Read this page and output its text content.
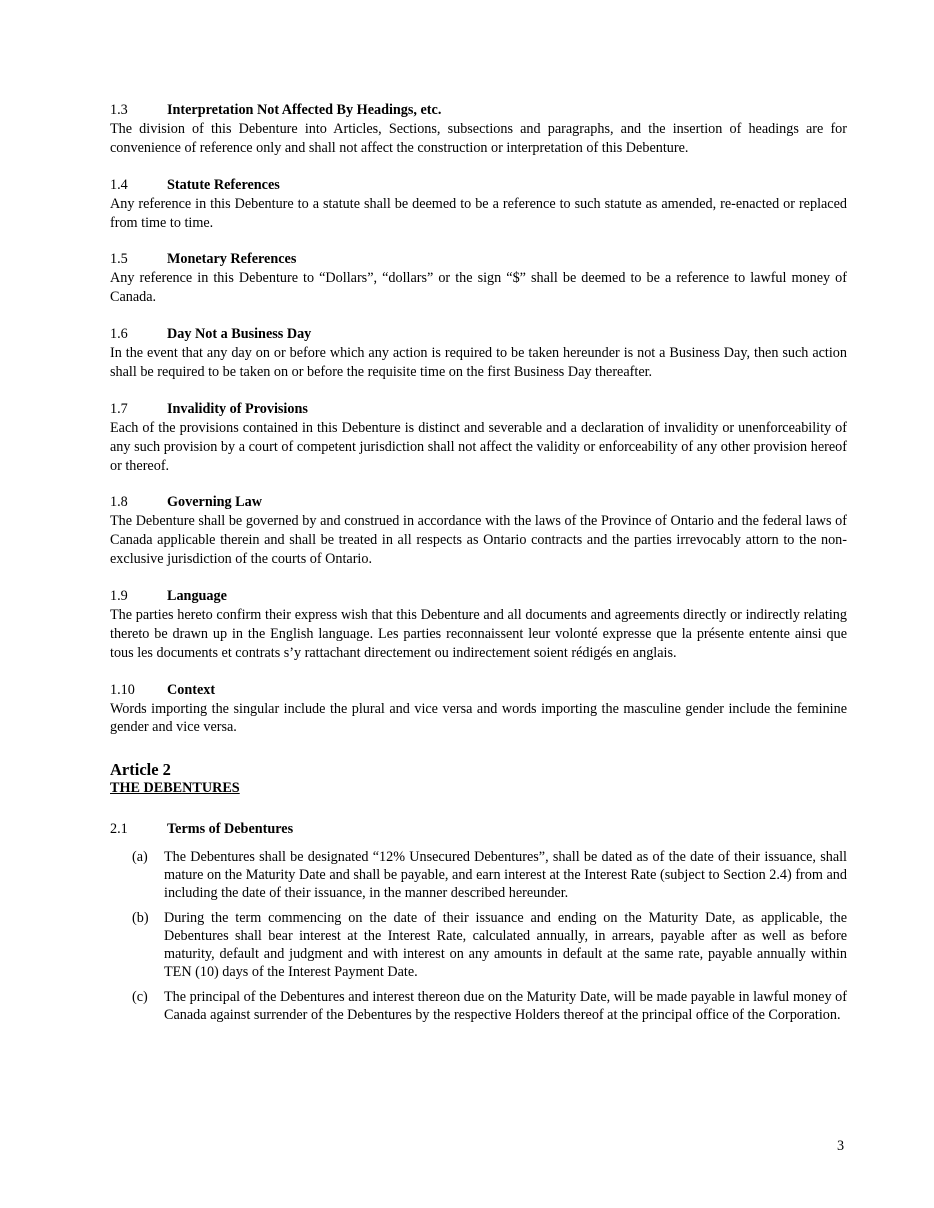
1.3	Interpretation Not Affected By Headings, etc.
The division of this Debenture into Articles, Sections, subsections and paragraphs, and the insertion of headings are for convenience of reference only and shall not affect the construction or interpretation of this Debenture.
1.4	Statute References
Any reference in this Debenture to a statute shall be deemed to be a reference to such statute as amended, re-enacted or replaced from time to time.
1.5	Monetary References
Any reference in this Debenture to “Dollars”, “dollars” or the sign “$” shall be deemed to be a reference to lawful money of Canada.
1.6	Day Not a Business Day
In the event that any day on or before which any action is required to be taken hereunder is not a Business Day, then such action shall be required to be taken on or before the requisite time on the first Business Day thereafter.
1.7	Invalidity of Provisions
Each of the provisions contained in this Debenture is distinct and severable and a declaration of invalidity or unenforceability of any such provision by a court of competent jurisdiction shall not affect the validity or enforceability of any other provision hereof or thereof.
1.8	Governing Law
The Debenture shall be governed by and construed in accordance with the laws of the Province of Ontario and the federal laws of Canada applicable therein and shall be treated in all respects as Ontario contracts and the parties irrevocably attorn to the non-exclusive jurisdiction of the courts of Ontario.
1.9	Language
The parties hereto confirm their express wish that this Debenture and all documents and agreements directly or indirectly relating thereto be drawn up in the English language. Les parties reconnaissent leur volonté expresse que la présente entente ainsi que tous les documents et contrats s’y rattachant directement ou indirectement soient rédigés en anglais.
1.10	Context
Words importing the singular include the plural and vice versa and words importing the masculine gender include the feminine gender and vice versa.
Article 2
THE DEBENTURES
2.1	Terms of Debentures
(a)	The Debentures shall be designated “12% Unsecured Debentures”, shall be dated as of the date of their issuance, shall mature on the Maturity Date and shall be payable, and earn interest at the Interest Rate (subject to Section 2.4) from and including the date of their issuance, in the manner described hereunder.
(b)	During the term commencing on the date of their issuance and ending on the Maturity Date, as applicable, the Debentures shall bear interest at the Interest Rate, calculated annually, in arrears, payable after as well as before maturity, default and judgment and with interest on any amounts in default at the same rate, payable annually within TEN (10) days of the Interest Payment Date.
(c)	The principal of the Debentures and interest thereon due on the Maturity Date, will be made payable in lawful money of Canada against surrender of the Debentures by the respective Holders thereof at the principal office of the Corporation.
3
